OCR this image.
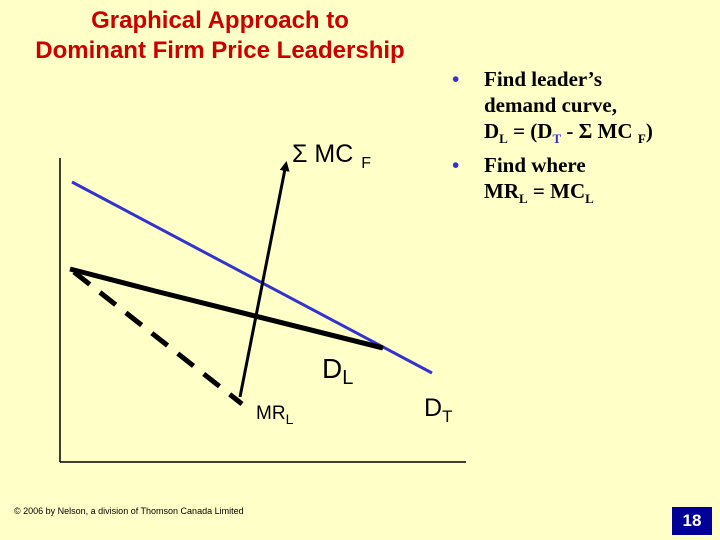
Graphical Approach to
Dominant Firm Price Leadership
•	Find leader’s
demand curve,
$D_L = (D_T - \Sigma$ MC $_F$)
•	Find where
$MR_L = MC_L$
Σ MC $_F$
$D_L$
$MR_L$	$D_T$
© 2006 by Nelson, a division of Thomson Canada Limited	18
